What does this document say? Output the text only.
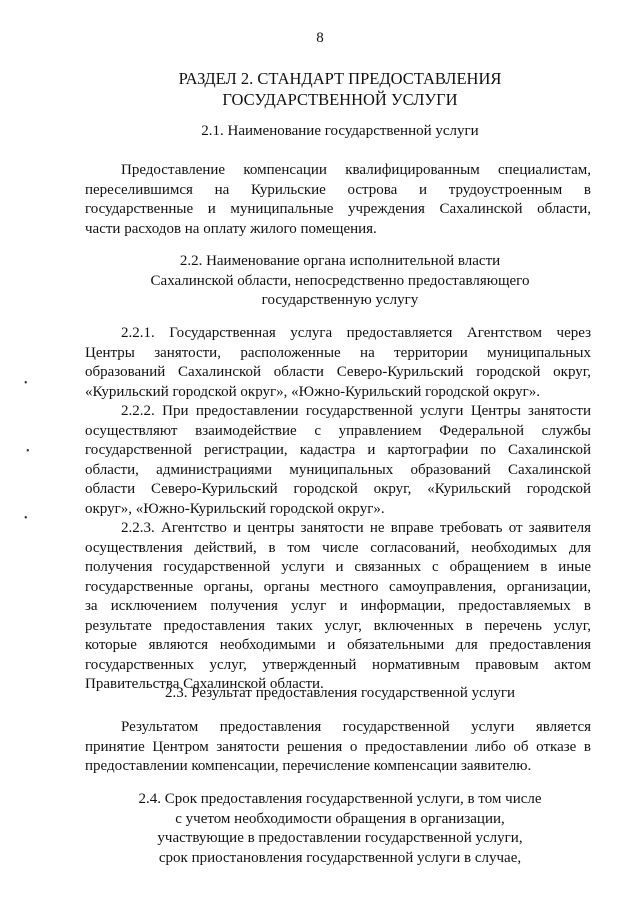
8
РАЗДЕЛ 2. СТАНДАРТ ПРЕДОСТАВЛЕНИЯ
ГОСУДАРСТВЕННОЙ УСЛУГИ
2.1. Наименование государственной услуги
Предоставление компенсации квалифицированным специалистам,
переселившимся на Курильские острова и трудоустроенным в
государственные и муниципальные учреждения Сахалинской области,
части расходов на оплату жилого помещения.
2.2. Наименование органа исполнительной власти
Сахалинской области, непосредственно предоставляющего
государственную услугу
2.2.1. Государственная услуга предоставляется Агентством через
Центры занятости, расположенные на территории муниципальных
образований Сахалинской области Северо-Курильский городской округ,
«Курильский городской округ», «Южно-Курильский городской округ».
2.2.2. При предоставлении государственной услуги Центры занятости
осуществляют взаимодействие с управлением Федеральной службы
государственной регистрации, кадастра и картографии по Сахалинской
области, администрациями муниципальных образований Сахалинской
области Северо-Курильский городской округ, «Курильский городской
округ», «Южно-Курильский городской округ».
2.2.3. Агентство и центры занятости не вправе требовать от заявителя
осуществления действий, в том числе согласований, необходимых для
получения государственной услуги и связанных с обращением в иные
государственные органы, органы местного самоуправления, организации,
за исключением получения услуг и информации, предоставляемых в
результате предоставления таких услуг, включенных в перечень услуг,
которые являются необходимыми и обязательными для предоставления
государственных услуг, утвержденный нормативным правовым актом
Правительства Сахалинской области.
2.3. Результат предоставления государственной услуги
Результатом предоставления государственной услуги является
принятие Центром занятости решения о предоставлении либо об отказе в
предоставлении компенсации, перечисление компенсации заявителю.
2.4. Срок предоставления государственной услуги, в том числе
с учетом необходимости обращения в организации,
участвующие в предоставлении государственной услуги,
срок приостановления государственной услуги в случае,
•
•
•
